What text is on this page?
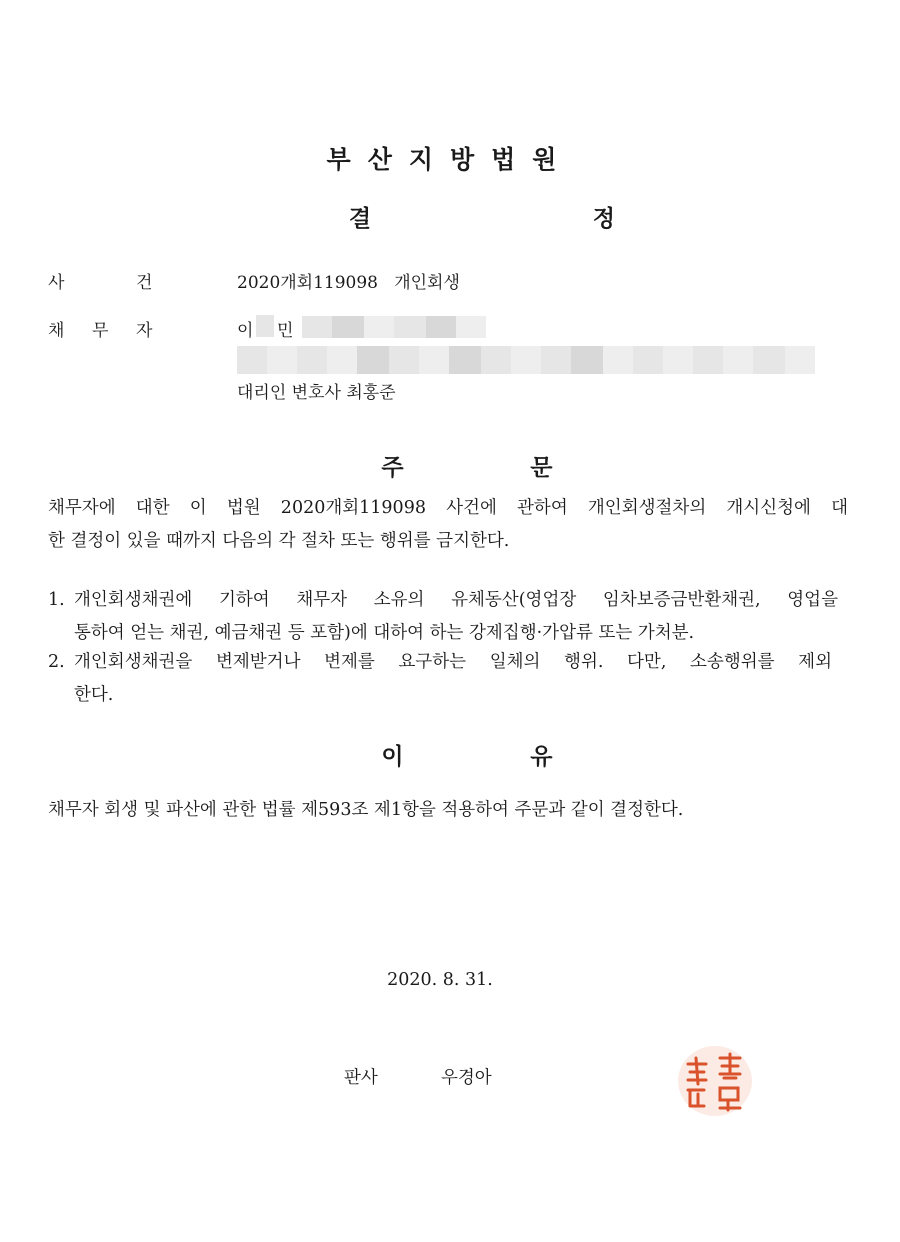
부산지방법원
결	정
사	건	2020개회119098   개인회생
채 무 자	이 민
대리인 변호사 최홍준
주	문
채무자에 대한 이 법원 2020개회119098 사건에 관하여 개인회생절차의 개시신청에 대
한 결정이 있을 때까지 다음의 각 절차 또는 행위를 금지한다.
1. 개인회생채권에 기하여 채무자 소유의 유체동산(영업장 임차보증금반환채권, 영업을
통하여 얻는 채권, 예금채권 등 포함)에 대하여 하는 강제집행·가압류 또는 가처분.
2. 개인회생채권을 변제받거나 변제를 요구하는 일체의 행위. 다만, 소송행위를 제외
한다.
이	유
채무자 회생 및 파산에 관한 법률 제593조 제1항을 적용하여 주문과 같이 결정한다.
2020. 8. 31.
판사	우경아
